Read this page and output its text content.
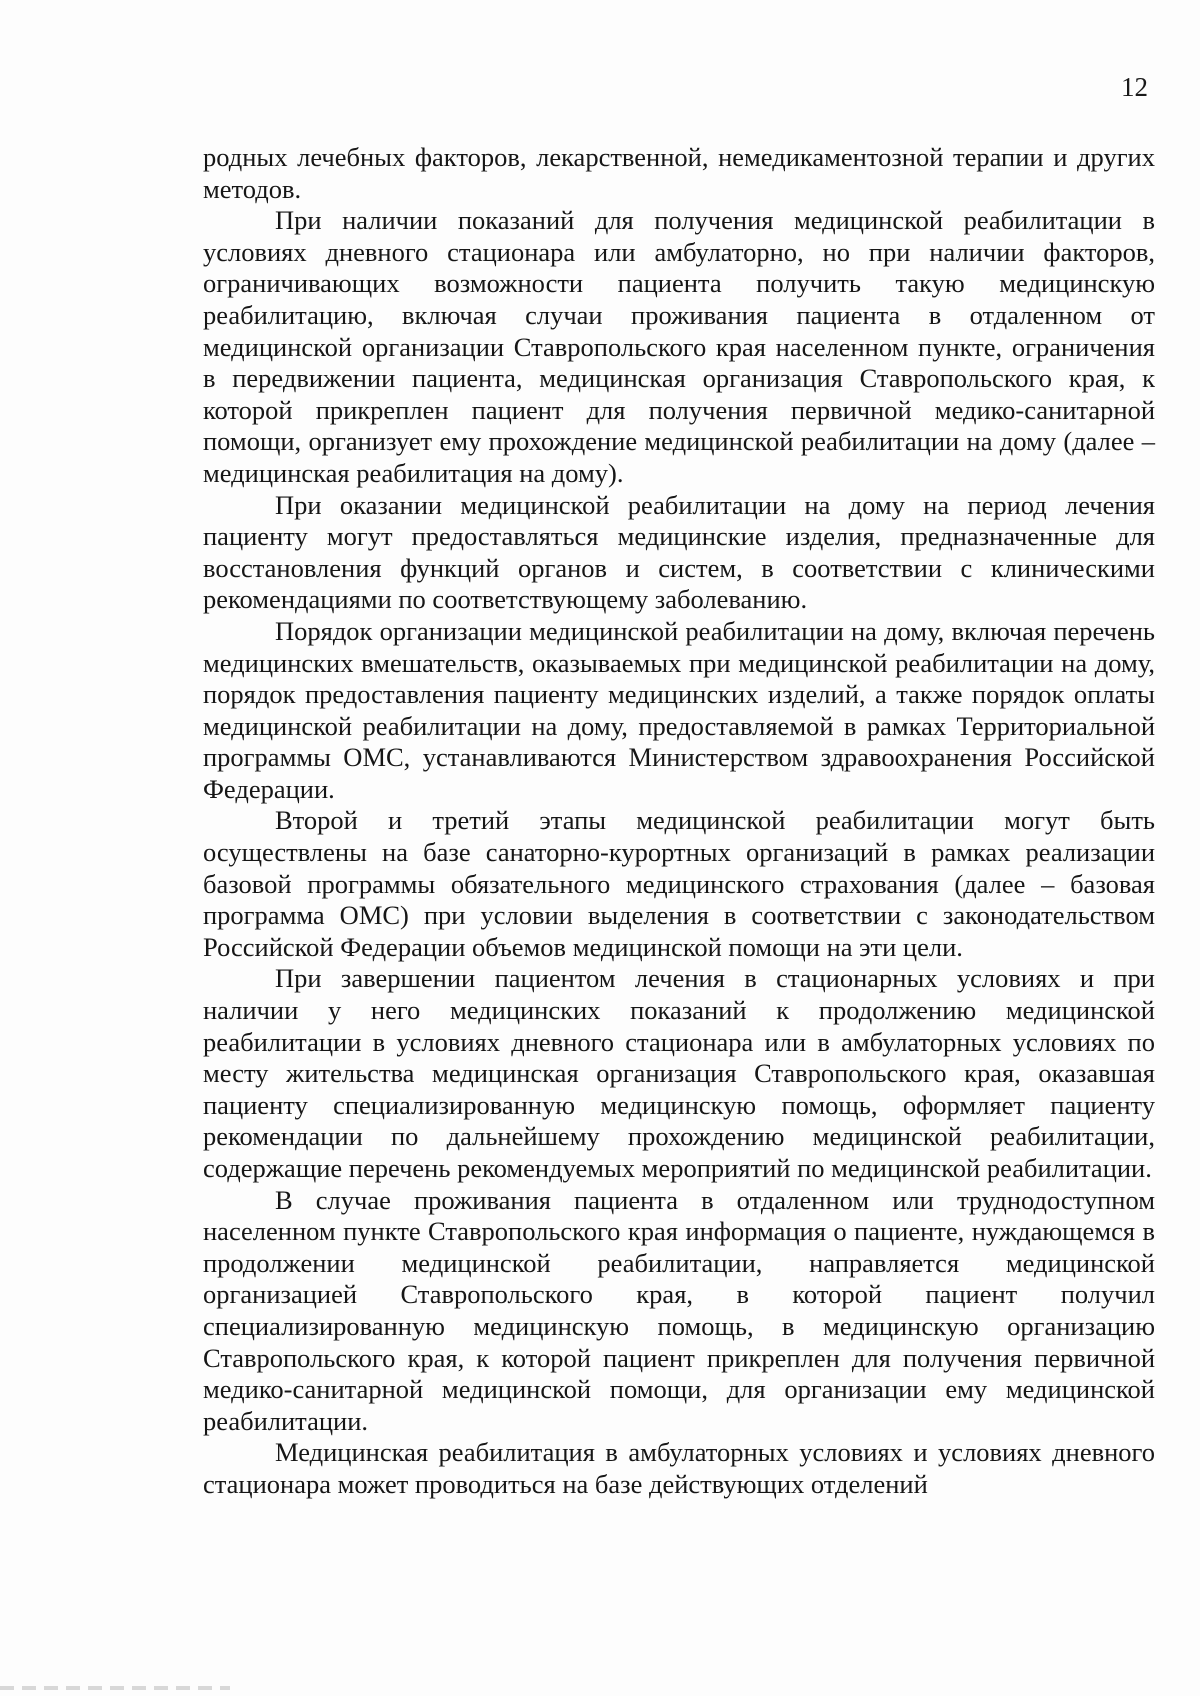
12

родных лечебных факторов, лекарственной, немедикаментозной терапии и других методов.

При наличии показаний для получения медицинской реабилитации в условиях дневного стационара или амбулаторно, но при наличии факторов, ограничивающих возможности пациента получить такую медицинскую реабилитацию, включая случаи проживания пациента в отдаленном от медицинской организации Ставропольского края населенном пункте, ограничения в передвижении пациента, медицинская организация Ставропольского края, к которой прикреплен пациент для получения первичной медико-санитарной помощи, организует ему прохождение медицинской реабилитации на дому (далее – медицинская реабилитация на дому).

При оказании медицинской реабилитации на дому на период лечения пациенту могут предоставляться медицинские изделия, предназначенные для восстановления функций органов и систем, в соответствии с клиническими рекомендациями по соответствующему заболеванию.

Порядок организации медицинской реабилитации на дому, включая перечень медицинских вмешательств, оказываемых при медицинской реабилитации на дому, порядок предоставления пациенту медицинских изделий, а также порядок оплаты медицинской реабилитации на дому, предоставляемой в рамках Территориальной программы ОМС, устанавливаются Министерством здравоохранения Российской Федерации.

Второй и третий этапы медицинской реабилитации могут быть осуществлены на базе санаторно-курортных организаций в рамках реализации базовой программы обязательного медицинского страхования (далее – базовая программа ОМС) при условии выделения в соответствии с законодательством Российской Федерации объемов медицинской помощи на эти цели.

При завершении пациентом лечения в стационарных условиях и при наличии у него медицинских показаний к продолжению медицинской реабилитации в условиях дневного стационара или в амбулаторных условиях по месту жительства медицинская организация Ставропольского края, оказавшая пациенту специализированную медицинскую помощь, оформляет пациенту рекомендации по дальнейшему прохождению медицинской реабилитации, содержащие перечень рекомендуемых мероприятий по медицинской реабилитации.

В случае проживания пациента в отдаленном или труднодоступном населенном пункте Ставропольского края информация о пациенте, нуждающемся в продолжении медицинской реабилитации, направляется медицинской организацией Ставропольского края, в которой пациент получил специализированную медицинскую помощь, в медицинскую организацию Ставропольского края, к которой пациент прикреплен для получения первичной медико-санитарной медицинской помощи, для организации ему медицинской реабилитации.

Медицинская реабилитация в амбулаторных условиях и условиях дневного стационара может проводиться на базе действующих отделений
